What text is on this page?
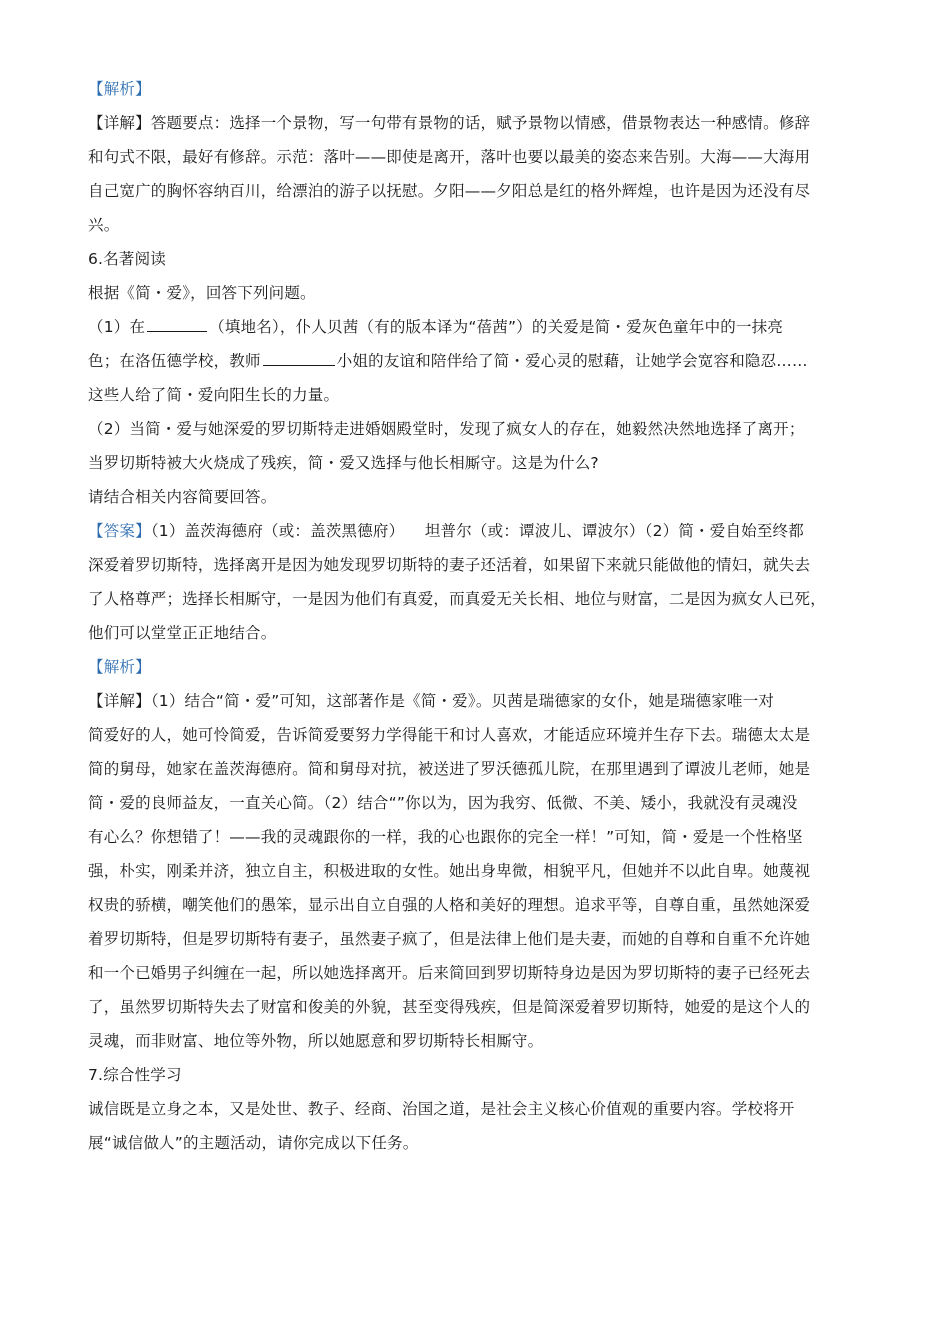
【解析】
【详解】答题要点：选择一个景物，写一句带有景物的话，赋予景物以情感，借景物表达一种感情。修辞
和句式不限，最好有修辞。示范：落叶——即使是离开，落叶也要以最美的姿态来告别。大海——大海用
自己宽广的胸怀容纳百川，给漂泊的游子以抚慰。夕阳——夕阳总是红的格外辉煌，也许是因为还没有尽
兴。
6.名著阅读
根据《简・爱》，回答下列问题。
（1）在	（填地名），仆人贝茜（有的版本译为“蓓茜”）的关爱是简・爱灰色童年中的一抹亮
色；在洛伍德学校，教师	小姐的友谊和陪伴给了简・爱心灵的慰藉，让她学会宽容和隐忍……
这些人给了简・爱向阳生长的力量。
（2）当简・爱与她深爱的罗切斯特走进婚姻殿堂时，发现了疯女人的存在，她毅然决然地选择了离开；
当罗切斯特被大火烧成了残疾，简・爱又选择与他长相厮守。这是为什么?
请结合相关内容简要回答。
【答案】（1）盖茨海德府（或：盖茨黑德府）    坦普尔（或：谭波儿、谭波尔）（2）简・爱自始至终都
深爱着罗切斯特，选择离开是因为她发现罗切斯特的妻子还活着，如果留下来就只能做他的情妇，就失去
了人格尊严；选择长相厮守，一是因为他们有真爱，而真爱无关长相、地位与财富，二是因为疯女人已死，
他们可以堂堂正正地结合。
【解析】
【详解】（1）结合“简・爱”可知，这部著作是《简・爱》。贝茜是瑞德家的女仆，她是瑞德家唯一对
简爱好的人，她可怜简爱，告诉简爱要努力学得能干和讨人喜欢，才能适应环境并生存下去。瑞德太太是
简的舅母，她家在盖茨海德府。简和舅母对抗，被送进了罗沃德孤儿院，在那里遇到了谭波儿老师，她是
简・爱的良师益友，一直关心简。（2）结合“”你以为，因为我穷、低微、不美、矮小，我就没有灵魂没
有心么？你想错了！——我的灵魂跟你的一样，我的心也跟你的完全一样！”可知，简・爱是一个性格坚
强，朴实，刚柔并济，独立自主，积极进取的女性。她出身卑微，相貌平凡，但她并不以此自卑。她蔑视
权贵的骄横，嘲笑他们的愚笨，显示出自立自强的人格和美好的理想。追求平等，自尊自重，虽然她深爱
着罗切斯特，但是罗切斯特有妻子，虽然妻子疯了，但是法律上他们是夫妻，而她的自尊和自重不允许她
和一个已婚男子纠缠在一起，所以她选择离开。后来简回到罗切斯特身边是因为罗切斯特的妻子已经死去
了，虽然罗切斯特失去了财富和俊美的外貌，甚至变得残疾，但是简深爱着罗切斯特，她爱的是这个人的
灵魂，而非财富、地位等外物，所以她愿意和罗切斯特长相厮守。
7.综合性学习
诚信既是立身之本，又是处世、教子、经商、治国之道，是社会主义核心价值观的重要内容。学校将开
展“诚信做人”的主题活动，请你完成以下任务。
